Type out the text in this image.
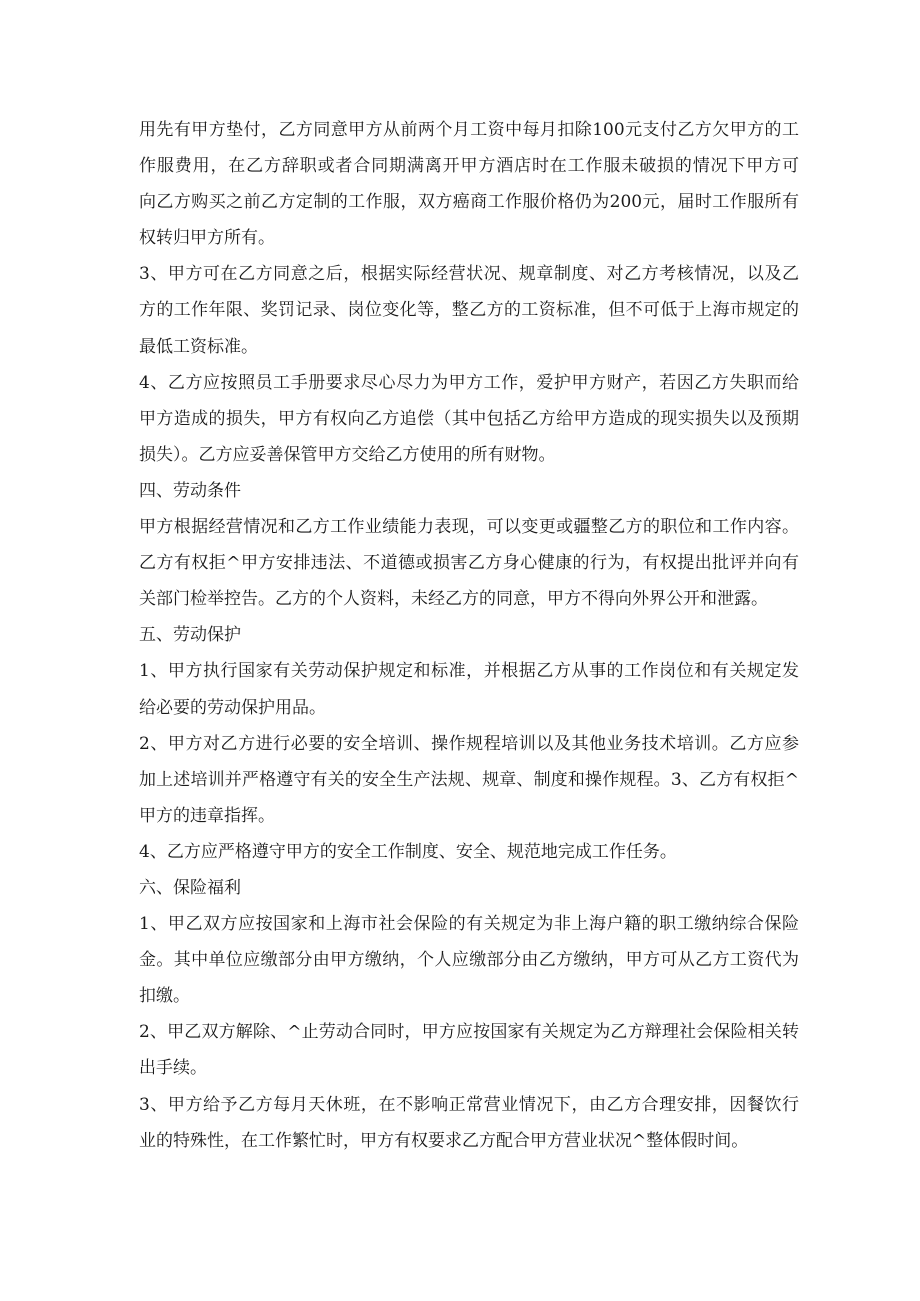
用先有甲方垫付，乙方同意甲方从前两个月工资中每月扣除100元支付乙方欠甲方的工
作服费用，在乙方辞职或者合同期满离开甲方酒店时在工作服未破损的情况下甲方可
向乙方购买之前乙方定制的工作服，双方癌商工作服价格仍为200元，届时工作服所有
权转归甲方所有。
3、甲方可在乙方同意之后，根据实际经营状况、规章制度、对乙方考核情况，以及乙
方的工作年限、奖罚记录、岗位变化等，整乙方的工资标准，但不可低于上海市规定的
最低工资标准。
4、乙方应按照员工手册要求尽心尽力为甲方工作，爱护甲方财产，若因乙方失职而给
甲方造成的损失，甲方有权向乙方追偿（其中包括乙方给甲方造成的现实损失以及预期
损失）。乙方应妥善保管甲方交给乙方使用的所有财物。
四、劳动条件
甲方根据经营情况和乙方工作业绩能力表现，可以变更或疆整乙方的职位和工作内容。
乙方有权拒^甲方安排违法、不道德或损害乙方身心健康的行为，有权提出批评并向有
关部门检举控告。乙方的个人资料，未经乙方的同意，甲方不得向外界公开和泄露。
五、劳动保护
1、甲方执行国家有关劳动保护规定和标准，并根据乙方从事的工作岗位和有关规定发
给必要的劳动保护用品。
2、甲方对乙方进行必要的安全培训、操作规程培训以及其他业务技术培训。乙方应参
加上述培训并严格遵守有关的安全生产法规、规章、制度和操作规程。3、乙方有权拒^
甲方的违章指挥。
4、乙方应严格遵守甲方的安全工作制度、安全、规范地完成工作任务。
六、保险福利
1、甲乙双方应按国家和上海市社会保险的有关规定为非上海户籍的职工缴纳综合保险
金。其中单位应缴部分由甲方缴纳，个人应缴部分由乙方缴纳，甲方可从乙方工资代为
扣缴。
2、甲乙双方解除、^止劳动合同时，甲方应按国家有关规定为乙方辩理社会保险相关转
出手续。
3、甲方给予乙方每月天休班，在不影响正常营业情况下，由乙方合理安排，因餐饮行
业的特殊性，在工作繁忙时，甲方有权要求乙方配合甲方营业状况^整体假时间。
